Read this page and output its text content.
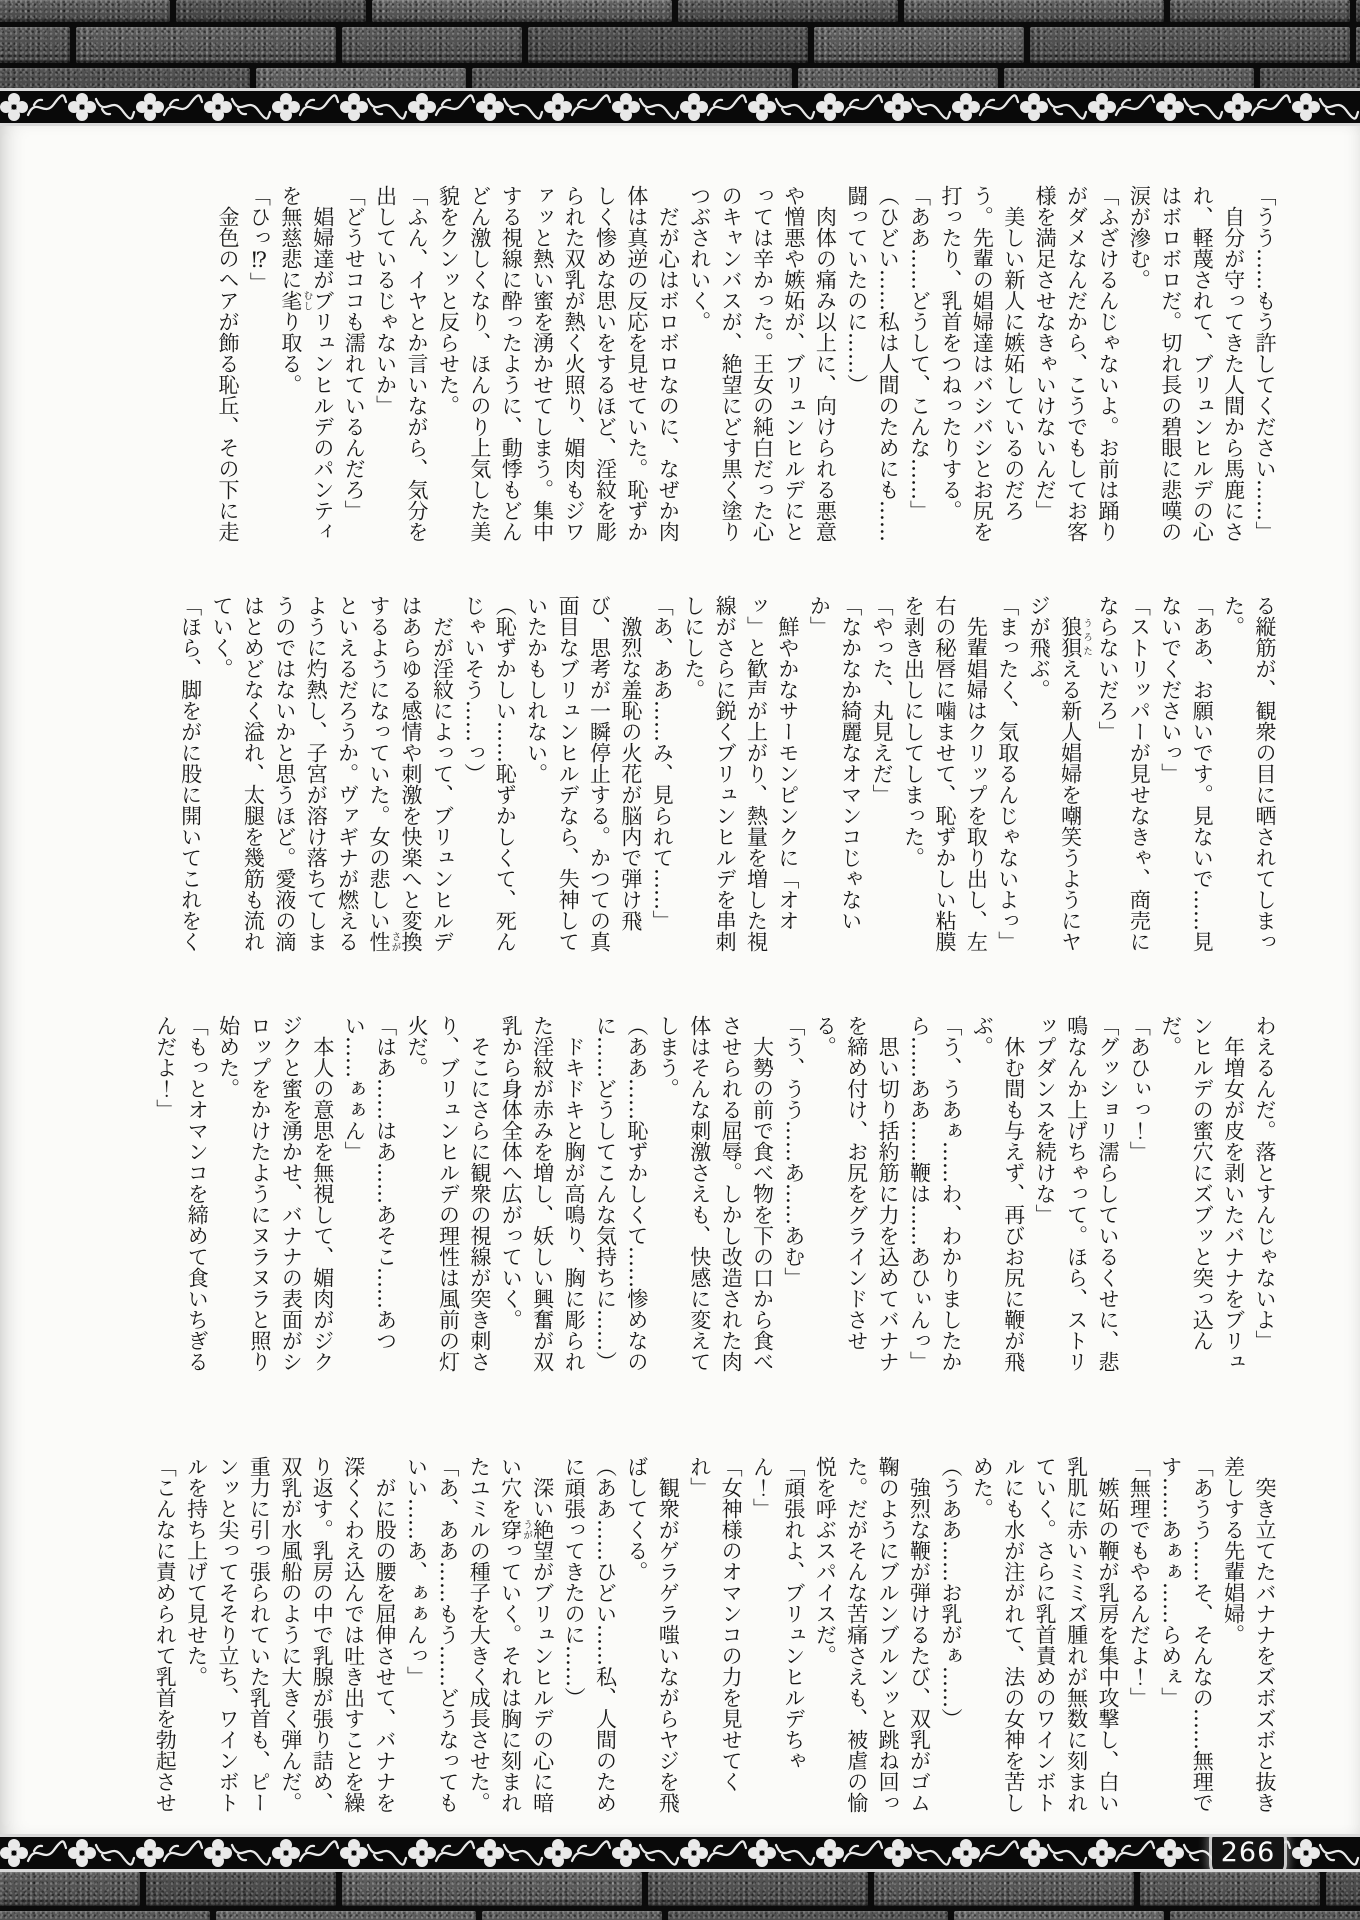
「うう……もう許してください……」

　自分が守ってきた人間から馬鹿にされ、軽蔑されて、ブリュンヒルデの心はボロボロだ。切れ長の碧眼に悲嘆の涙が滲む。

「ふざけるんじゃないよ。お前は踊りがダメなんだから、こうでもしてお客様を満足させなきゃいけないんだ」

　美しい新人に嫉妬しているのだろう。先輩の娼婦達はバシバシとお尻を打ったり、乳首をつねったりする。

「ああ……どうして、こんな……」

（ひどい……私は人間のためにも……闘っていたのに……）

　肉体の痛み以上に、向けられる悪意や憎悪や嫉妬が、ブリュンヒルデにとっては辛かった。王女の純白だった心のキャンバスが、絶望にどす黒く塗りつぶされいく。

　だが心はボロボロなのに、なぜか肉体は真逆の反応を見せていた。恥ずかしく惨めな思いをするほど、淫紋を彫られた双乳が熱く火照り、媚肉もジワァッと熱い蜜を湧かせてしまう。集中する視線に酔ったように、動悸もどんどん激しくなり、ほんのり上気した美貌をクンッと反らせた。

「ふん、イヤとか言いながら、気分を出しているじゃないか」

「どうせココも濡れているんだろ」

　娼婦達がブリュンヒルデのパンティを無慈悲に毟むしり取る。

「ひっ⁉」

　金色のヘアが飾る恥丘、その下に走

る縦筋が、観衆の目に晒されてしまった。

「ああ、お願いです。見ないで……見ないでくださいっ」

「ストリッパーが見せなきゃ、商売にならないだろ」

　狼狽うろたえる新人娼婦を嘲笑うようにヤジが飛ぶ。

「まったく、気取るんじゃないよっ」

　先輩娼婦はクリップを取り出し、左右の秘唇に噛ませて、恥ずかしい粘膜を剥き出しにしてしまった。

「やった、丸見えだ」

「なかなか綺麗なオマンコじゃないか」

　鮮やかなサーモンピンクに「オオッ」と歓声が上がり、熱量を増した視線がさらに鋭くブリュンヒルデを串刺しにした。

「あ、ああ……み、見られて……」

　激烈な羞恥の火花が脳内で弾け飛び、思考が一瞬停止する。かつての真面目なブリュンヒルデなら、失神していたかもしれない。

（恥ずかしい……恥ずかしくて、死んじゃいそう……っ）

　だが淫紋によって、ブリュンヒルデはあらゆる感情や刺激を快楽へと変換するようになっていた。女の悲しい性さがといえるだろうか。ヴァギナが燃えるように灼熱し、子宮が溶け落ちてしまうのではないかと思うほど。愛液の滴はとめどなく溢れ、太腿を幾筋も流れていく。

「ほら、脚をがに股に開いてこれをく

わえるんだ。落とすんじゃないよ」

　年増女が皮を剥いたバナナをブリュンヒルデの蜜穴にズブッと突っ込んだ。

「あひぃっ！」

「グッショリ濡らしているくせに、悲鳴なんか上げちゃって。ほら、ストリップダンスを続けな」

　休む間も与えず、再びお尻に鞭が飛ぶ。

「う、うあぁ……わ、わかりましたから……ああ……鞭は……あひぃんっ」

　思い切り括約筋に力を込めてバナナを締め付け、お尻をグラインドさせる。

「う、うう……あ……あむ」

　大勢の前で食べ物を下の口から食べさせられる屈辱。しかし改造された肉体はそんな刺激さえも、快感に変えてしまう。

（ああ……恥ずかしくて……惨めなのに……どうしてこんな気持ちに……）

　ドキドキと胸が高鳴り、胸に彫られた淫紋が赤みを増し、妖しい興奮が双乳から身体全体へ広がっていく。

　そこにさらに観衆の視線が突き刺さり、ブリュンヒルデの理性は風前の灯火だ。

「はあ……はあ……あそこ……あつい……ぁぁん」

　本人の意思を無視して、媚肉がジクジクと蜜を湧かせ、バナナの表面がシロップをかけたようにヌラヌラと照り始めた。

「もっとオマンコを締めて食いちぎるんだよ！」

　突き立てたバナナをズボズボと抜き差しする先輩娼婦。

「あうう……そ、そんなの……無理です……あぁぁ……らめぇ」

「無理でもやるんだよ！」

　嫉妬の鞭が乳房を集中攻撃し、白い乳肌に赤いミミズ腫れが無数に刻まれていく。さらに乳首責めのワインボトルにも水が注がれて、法の女神を苦しめた。

（うああ……お乳がぁ……）

　強烈な鞭が弾けるたび、双乳がゴム鞠のようにブルンブルンッと跳ね回った。だがそんな苦痛さえも、被虐の愉悦を呼ぶスパイスだ。

「頑張れよ、ブリュンヒルデちゃん！」

「女神様のオマンコの力を見せてくれ」

　観衆がゲラゲラ嗤いながらヤジを飛ばしてくる。

（ああ……ひどい……私、人間のために頑張ってきたのに……）

　深い絶望がブリュンヒルデの心に暗い穴を穿うがっていく。それは胸に刻まれたユミルの種子を大きく成長させた。

「あ、ああ……もう……どうなってもいい……あ、ぁぁんっ」

　がに股の腰を屈伸させて、バナナを深くくわえ込んでは吐き出すことを繰り返す。乳房の中で乳腺が張り詰め、双乳が水風船のように大きく弾んだ。重力に引っ張られていた乳首も、ピーンッと尖ってそそり立ち、ワインボトルを持ち上げて見せた。

「こんなに責められて乳首を勃起させ

266
